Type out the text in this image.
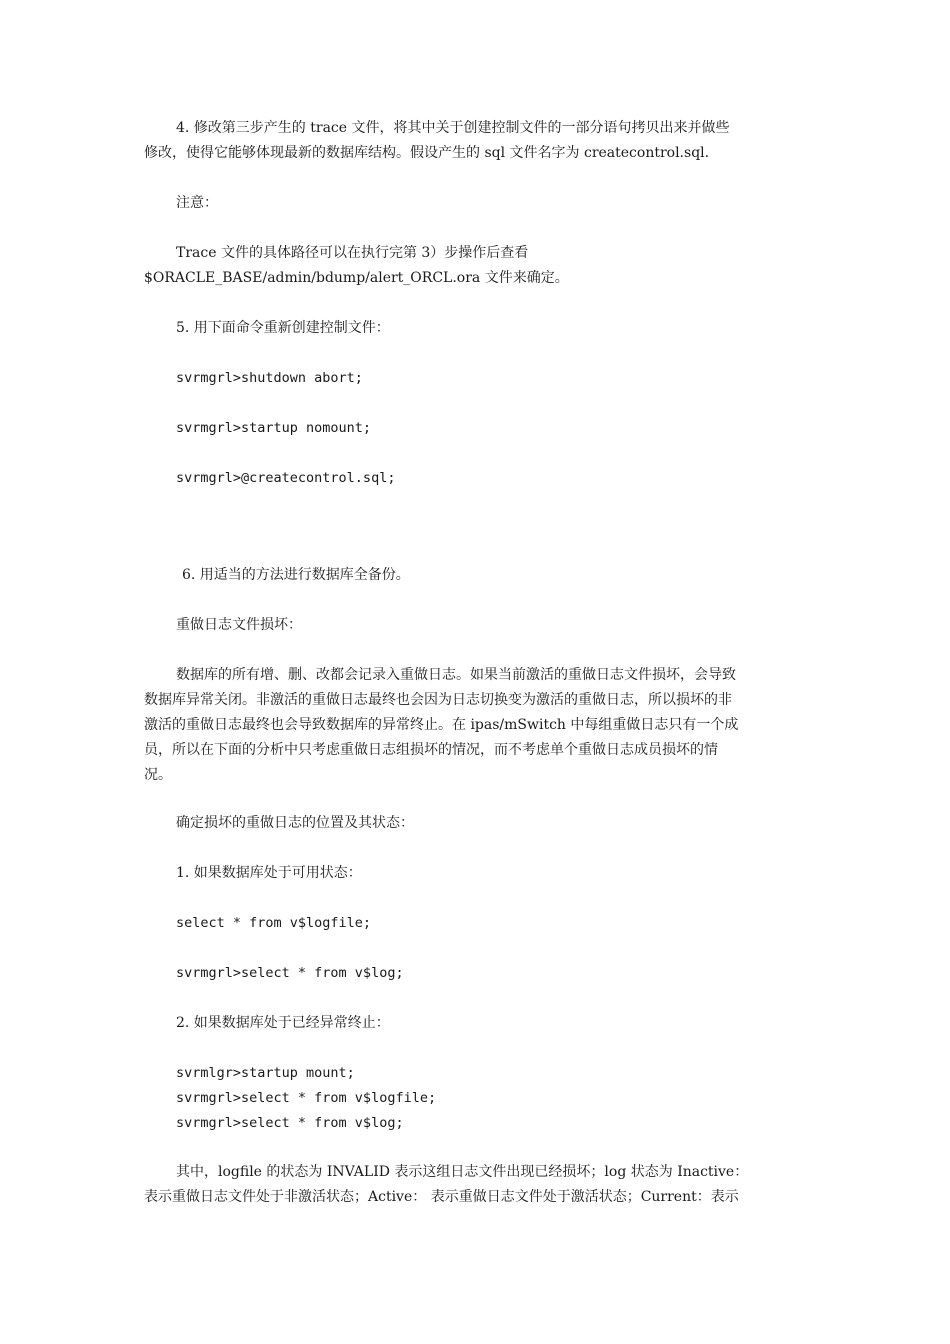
4. 修改第三步产生的 trace 文件，将其中关于创建控制文件的一部分语句拷贝出来并做些
修改，使得它能够体现最新的数据库结构。假设产生的 sql 文件名字为 createcontrol.sql.
注意：
Trace 文件的具体路径可以在执行完第 3）步操作后查看
$ORACLE_BASE/admin/bdump/alert_ORCL.ora 文件来确定。
5. 用下面命令重新创建控制文件：
svrmgrl>shutdown abort;
svrmgrl>startup nomount;
svrmgrl>@createcontrol.sql;
6. 用适当的方法进行数据库全备份。
重做日志文件损坏：
数据库的所有增、删、改都会记录入重做日志。如果当前激活的重做日志文件损坏，会导致
数据库异常关闭。非激活的重做日志最终也会因为日志切换变为激活的重做日志，所以损坏的非
激活的重做日志最终也会导致数据库的异常终止。在 ipas/mSwitch 中每组重做日志只有一个成
员，所以在下面的分析中只考虑重做日志组损坏的情况，而不考虑单个重做日志成员损坏的情
况。
确定损坏的重做日志的位置及其状态：
1. 如果数据库处于可用状态：
select * from v$logfile;
svrmgrl>select * from v$log;
2. 如果数据库处于已经异常终止：
svrmlgr>startup mount;
svrmgrl>select * from v$logfile;
svrmgrl>select * from v$log;
其中，logfile 的状态为 INVALID 表示这组日志文件出现已经损坏；log 状态为 Inactive：
表示重做日志文件处于非激活状态；Active： 表示重做日志文件处于激活状态；Current：表示
